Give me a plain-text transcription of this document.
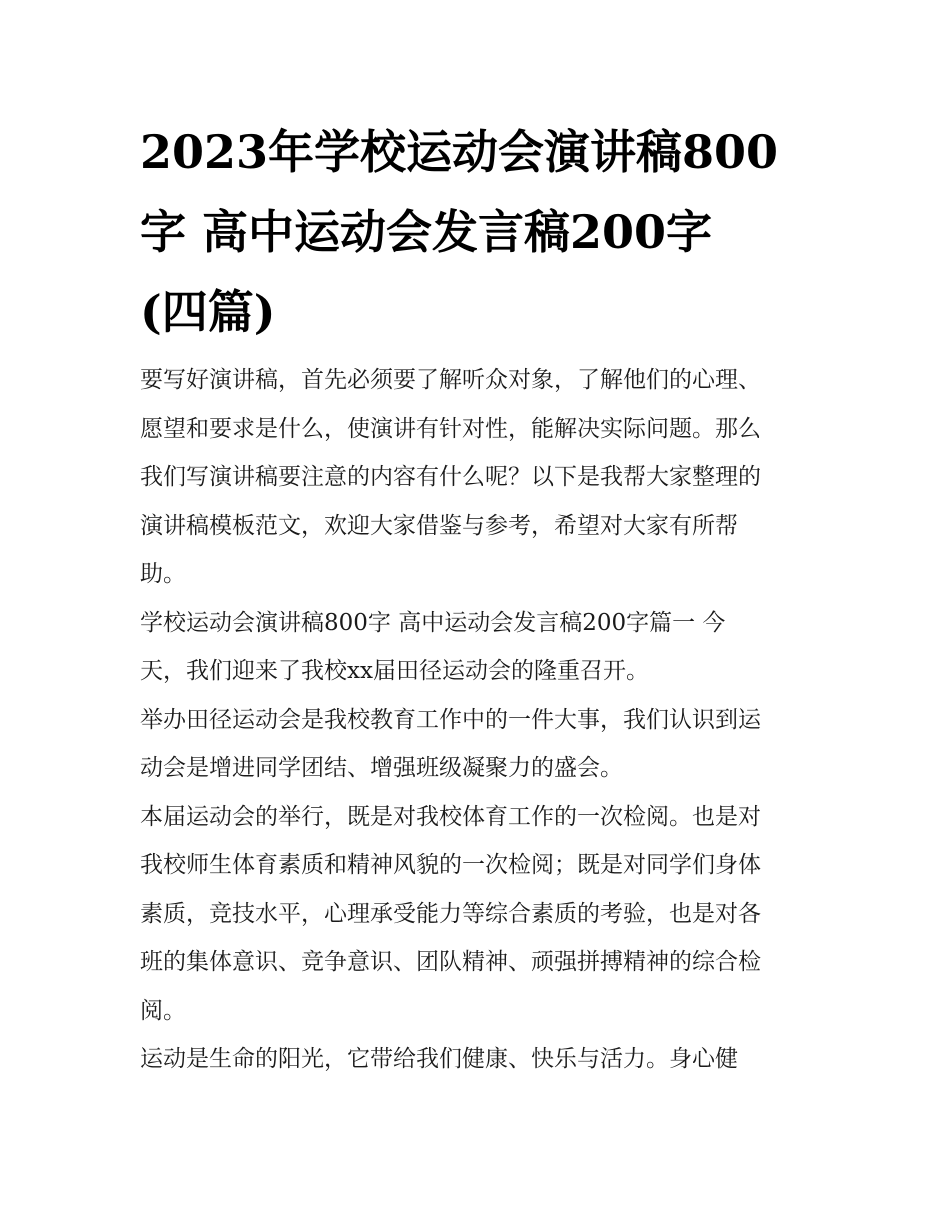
2023年学校运动会演讲稿800
字 高中运动会发言稿200字
(四篇)
要写好演讲稿，首先必须要了解听众对象，了解他们的心理、
愿望和要求是什么，使演讲有针对性，能解决实际问题。那么
我们写演讲稿要注意的内容有什么呢？以下是我帮大家整理的
演讲稿模板范文，欢迎大家借鉴与参考，希望对大家有所帮
助。
学校运动会演讲稿800字 高中运动会发言稿200字篇一 今
天，我们迎来了我校xx届田径运动会的隆重召开。
举办田径运动会是我校教育工作中的一件大事，我们认识到运
动会是增进同学团结、增强班级凝聚力的盛会。
本届运动会的举行，既是对我校体育工作的一次检阅。也是对
我校师生体育素质和精神风貌的一次检阅；既是对同学们身体
素质，竞技水平，心理承受能力等综合素质的考验，也是对各
班的集体意识、竞争意识、团队精神、顽强拼搏精神的综合检
阅。
运动是生命的阳光，它带给我们健康、快乐与活力。身心健
